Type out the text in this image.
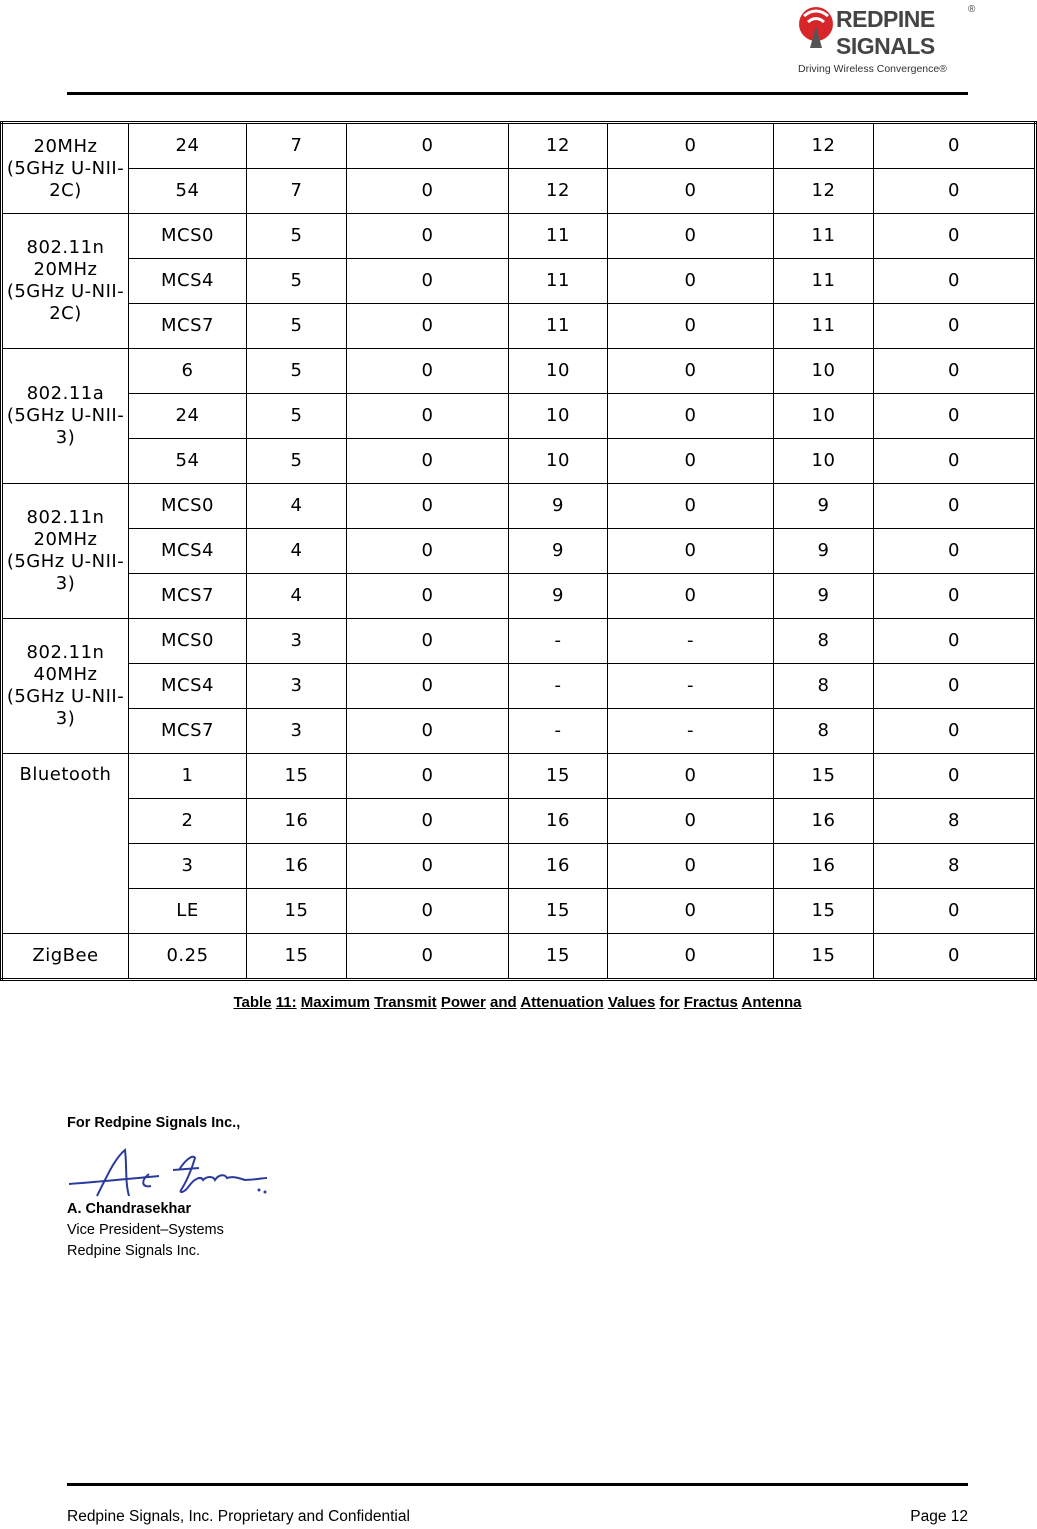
REDPINE
SIGNALS
®
Driving Wireless Convergence®
20MHz (5GHz U-NII-2C)	24	7	0	12	0	12	0
	54	7	0	12	0	12	0
802.11n 20MHz (5GHz U-NII-2C)	MCS0	5	0	11	0	11	0
	MCS4	5	0	11	0	11	0
	MCS7	5	0	11	0	11	0
802.11a (5GHz U-NII-3)	6	5	0	10	0	10	0
	24	5	0	10	0	10	0
	54	5	0	10	0	10	0
802.11n 20MHz (5GHz U-NII-3)	MCS0	4	0	9	0	9	0
	MCS4	4	0	9	0	9	0
	MCS7	4	0	9	0	9	0
802.11n 40MHz (5GHz U-NII-3)	MCS0	3	0	-	-	8	0
	MCS4	3	0	-	-	8	0
	MCS7	3	0	-	-	8	0
Bluetooth	1	15	0	15	0	15	0
	2	16	0	16	0	16	8
	3	16	0	16	0	16	8
	LE	15	0	15	0	15	0
ZigBee	0.25	15	0	15	0	15	0
Table 11: Maximum Transmit Power and Attenuation Values for Fractus Antenna
For Redpine Signals Inc.,
A. Chandrasekhar
Vice President–Systems
Redpine Signals Inc.
Redpine Signals, Inc. Proprietary and Confidential	Page 12
